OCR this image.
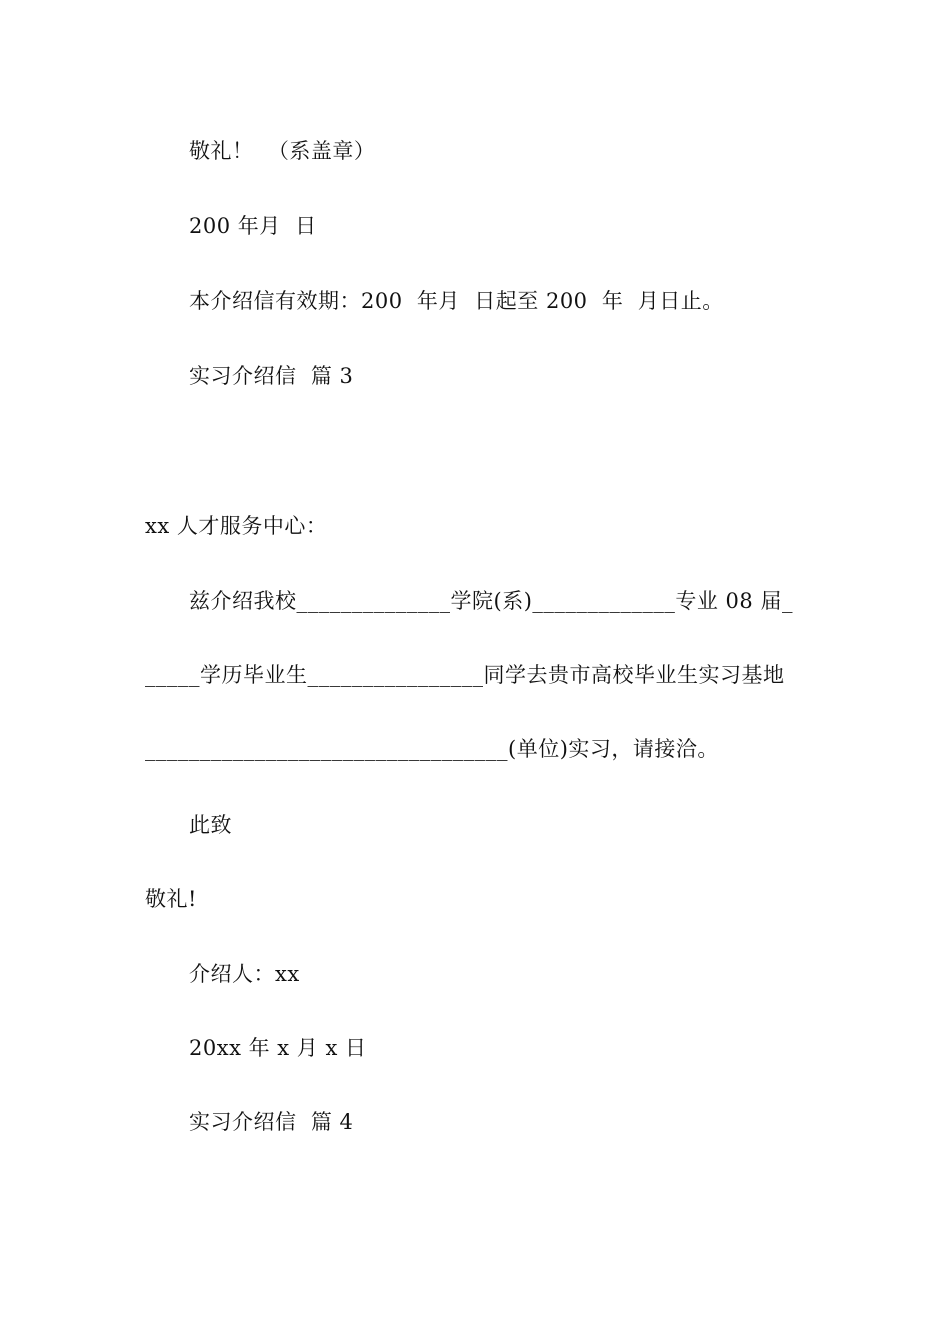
敬礼！  （系盖章）
200 年月  日
本介绍信有效期：200  年月  日起至 200  年  月日止。
实习介绍信  篇 3
xx 人才服务中心：
兹介绍我校______________学院(系)_____________专业 08 届_
_____学历毕业生________________同学去贵市高校毕业生实习基地
_________________________________(单位)实习，请接洽。
此致
敬礼!
介绍人：xx
20xx 年 x 月 x 日
实习介绍信  篇 4
